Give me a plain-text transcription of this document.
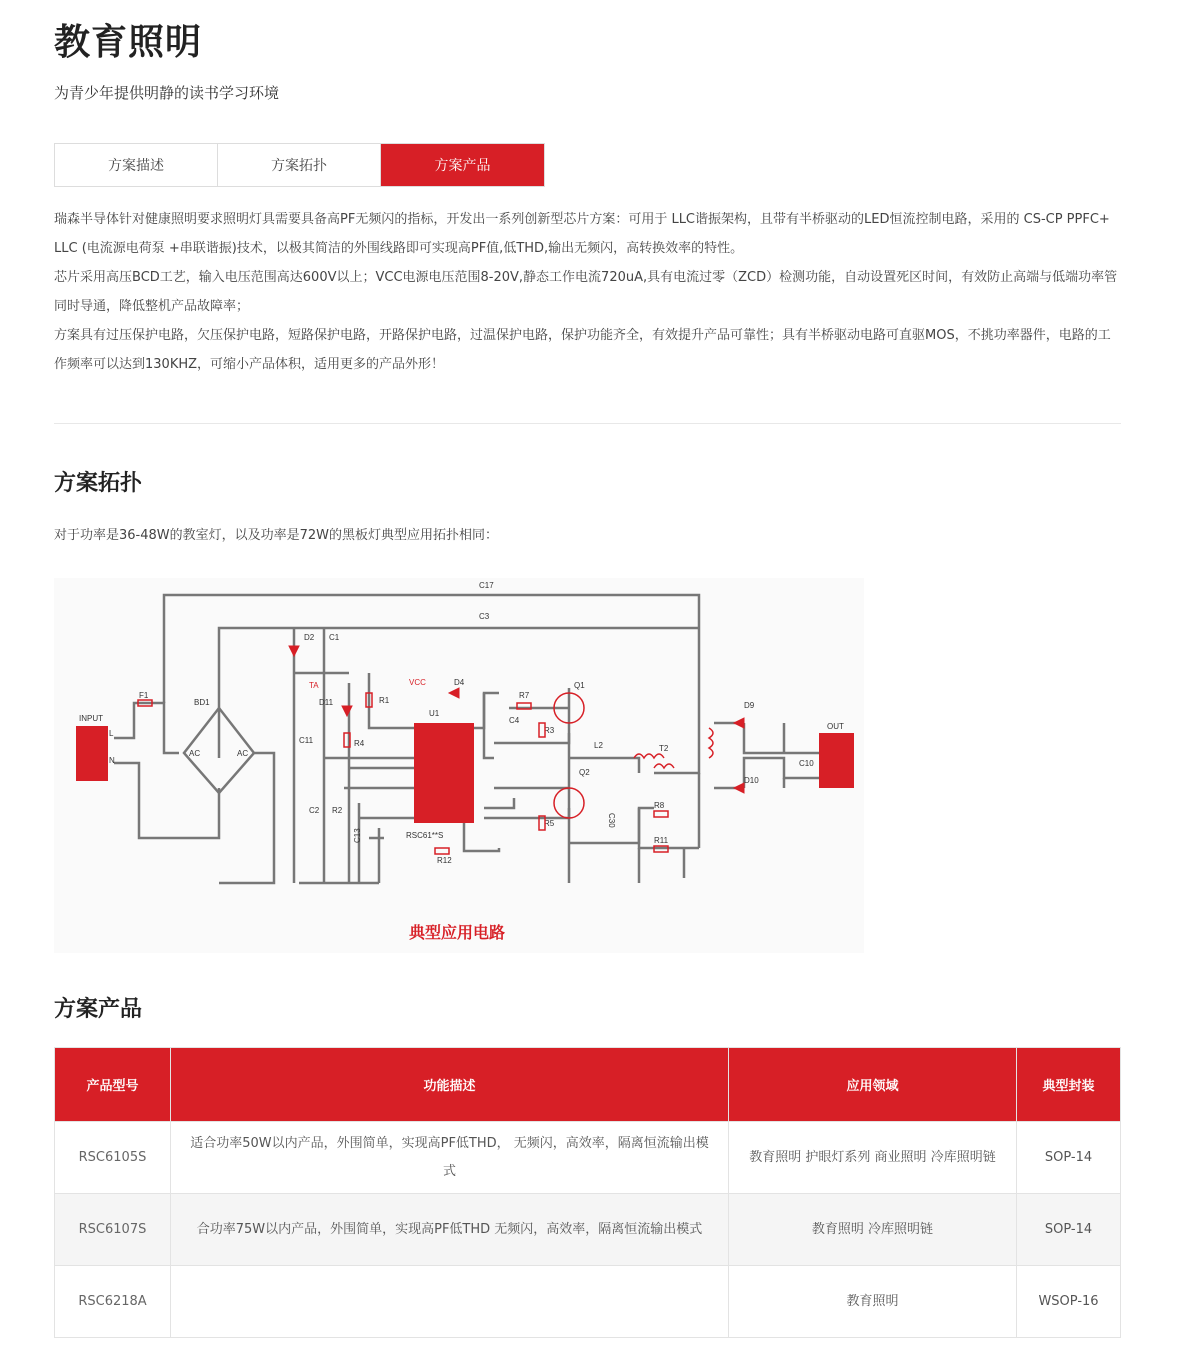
教育照明
为青少年提供明静的读书学习环境
方案描述	方案拓扑	方案产品

瑞森半导体针对健康照明要求照明灯具需要具备高PF无频闪的指标，开发出一系列创新型芯片方案：可用于 LLC谐振架构，且带有半桥驱动的LED恒流控制电路，采用的 CS-CP PPFC+ LLC (电流源电荷泵 +串联谐振)技术，以极其简洁的外围线路即可实现高PF值,低THD,输出无频闪，高转换效率的特性。

芯片采用高压BCD工艺，输入电压范围高达600V以上；VCC电源电压范围8-20V,静态工作电流720uA,具有电流过零（ZCD）检测功能，自动设置死区时间，有效防止高端与低端功率管同时导通，降低整机产品故障率；

方案具有过压保护电路，欠压保护电路，短路保护电路，开路保护电路，过温保护电路，保护功能齐全，有效提升产品可靠性；具有半桥驱动电路可直驱MOS，不挑功率器件，电路的工作频率可以达到130KHZ，可缩小产品体积，适用更多的产品外形！

方案拓扑
对于功率是36-48W的教室灯，以及功率是72W的黑板灯典型应用拓扑相同：
C17
C3
D2 C1
TA
D11
VCC
R1
D4
R7
C4
Q1
BD1
F1
L
N
C11	R4
R3
L2	T2
D9
C10
D10
Q2
C30
R8
R11
R5
R12
C2 R2
C13
AC	AC
U1
INPUT
OUT
RSC61**S
典型应用电路
方案产品
产品型号	功能描述	应用领域	典型封装
RSC6105S	适合功率50W以内产品，外围简单，实现高PF低THD， 无频闪，高效率，隔离恒流输出模式	教育照明 护眼灯系列 商业照明 冷库照明链	SOP-14
RSC6107S	合功率75W以内产品，外围简单，实现高PF低THD 无频闪，高效率，隔离恒流输出模式	教育照明 冷库照明链	SOP-14
RSC6218A		教育照明	WSOP-16
